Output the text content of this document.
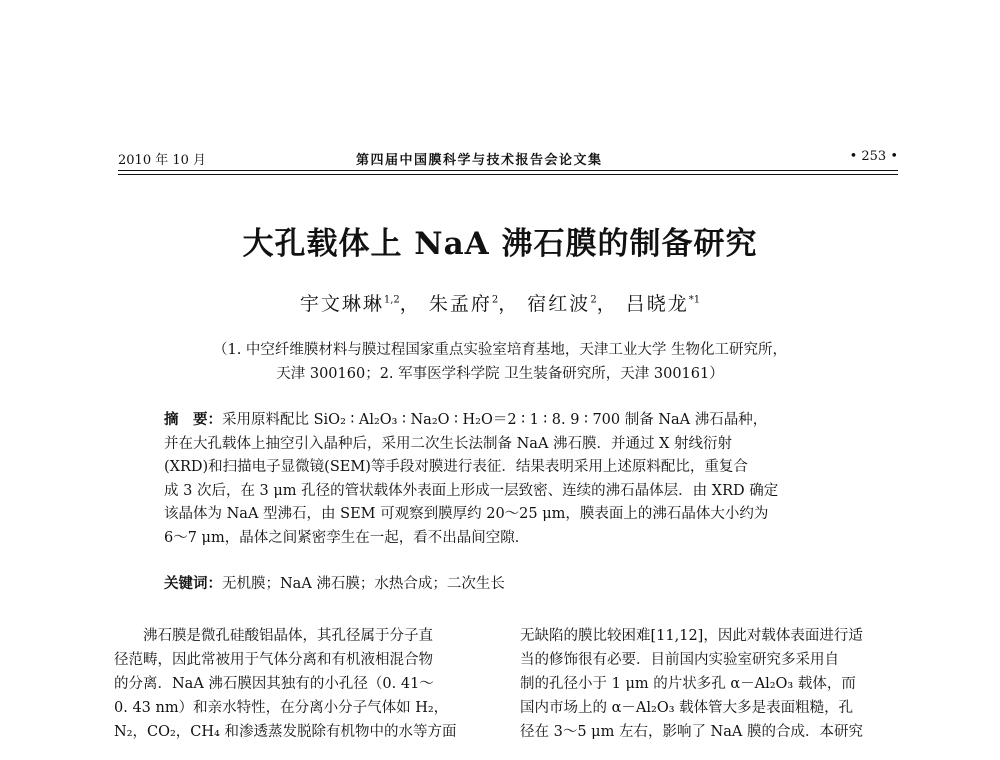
2010 年 10 月	第四届中国膜科学与技术报告会论文集	• 253 •
大孔载体上 NaA 沸石膜的制备研究
宇文琳琳$^{1,2}$， 朱孟府$^2$， 宿红波$^2$， 吕晓龙$^{*1}$
（1. 中空纤维膜材料与膜过程国家重点实验室培育基地，天津工业大学 生物化工研究所，
天津 300160；2. 军事医学科学院 卫生装备研究所，天津 300161）
摘　要：采用原料配比 SiO₂ ∶ Al₂O₃ ∶ Na₂O ∶ H₂O＝2 ∶ 1 ∶ 8. 9 ∶ 700 制备 NaA 沸石晶种，
并在大孔载体上抽空引入晶种后，采用二次生长法制备 NaA 沸石膜．并通过 X 射线衍射
(XRD)和扫描电子显微镜(SEM)等手段对膜进行表征．结果表明采用上述原料配比，重复合
成 3 次后，在 3 μm 孔径的管状载体外表面上形成一层致密、连续的沸石晶体层．由 XRD 确定
该晶体为 NaA 型沸石，由 SEM 可观察到膜厚约 20～25 μm，膜表面上的沸石晶体大小约为
6～7 μm，晶体之间紧密孪生在一起，看不出晶间空隙．
关键词：无机膜；NaA 沸石膜；水热合成；二次生长
沸石膜是微孔硅酸铝晶体，其孔径属于分子直
径范畴，因此常被用于气体分离和有机液相混合物
的分离．NaA 沸石膜因其独有的小孔径（0. 41～
0. 43 nm）和亲水特性，在分离小分子气体如 H₂，
N₂，CO₂，CH₄ 和渗透蒸发脱除有机物中的水等方面
无缺陷的膜比较困难[11,12]，因此对载体表面进行适
当的修饰很有必要．目前国内实验室研究多采用自
制的孔径小于 1 μm 的片状多孔 α－Al₂O₃ 载体，而
国内市场上的 α－Al₂O₃ 载体管大多是表面粗糙，孔
径在 3～5 μm 左右，影响了 NaA 膜的合成．本研究
